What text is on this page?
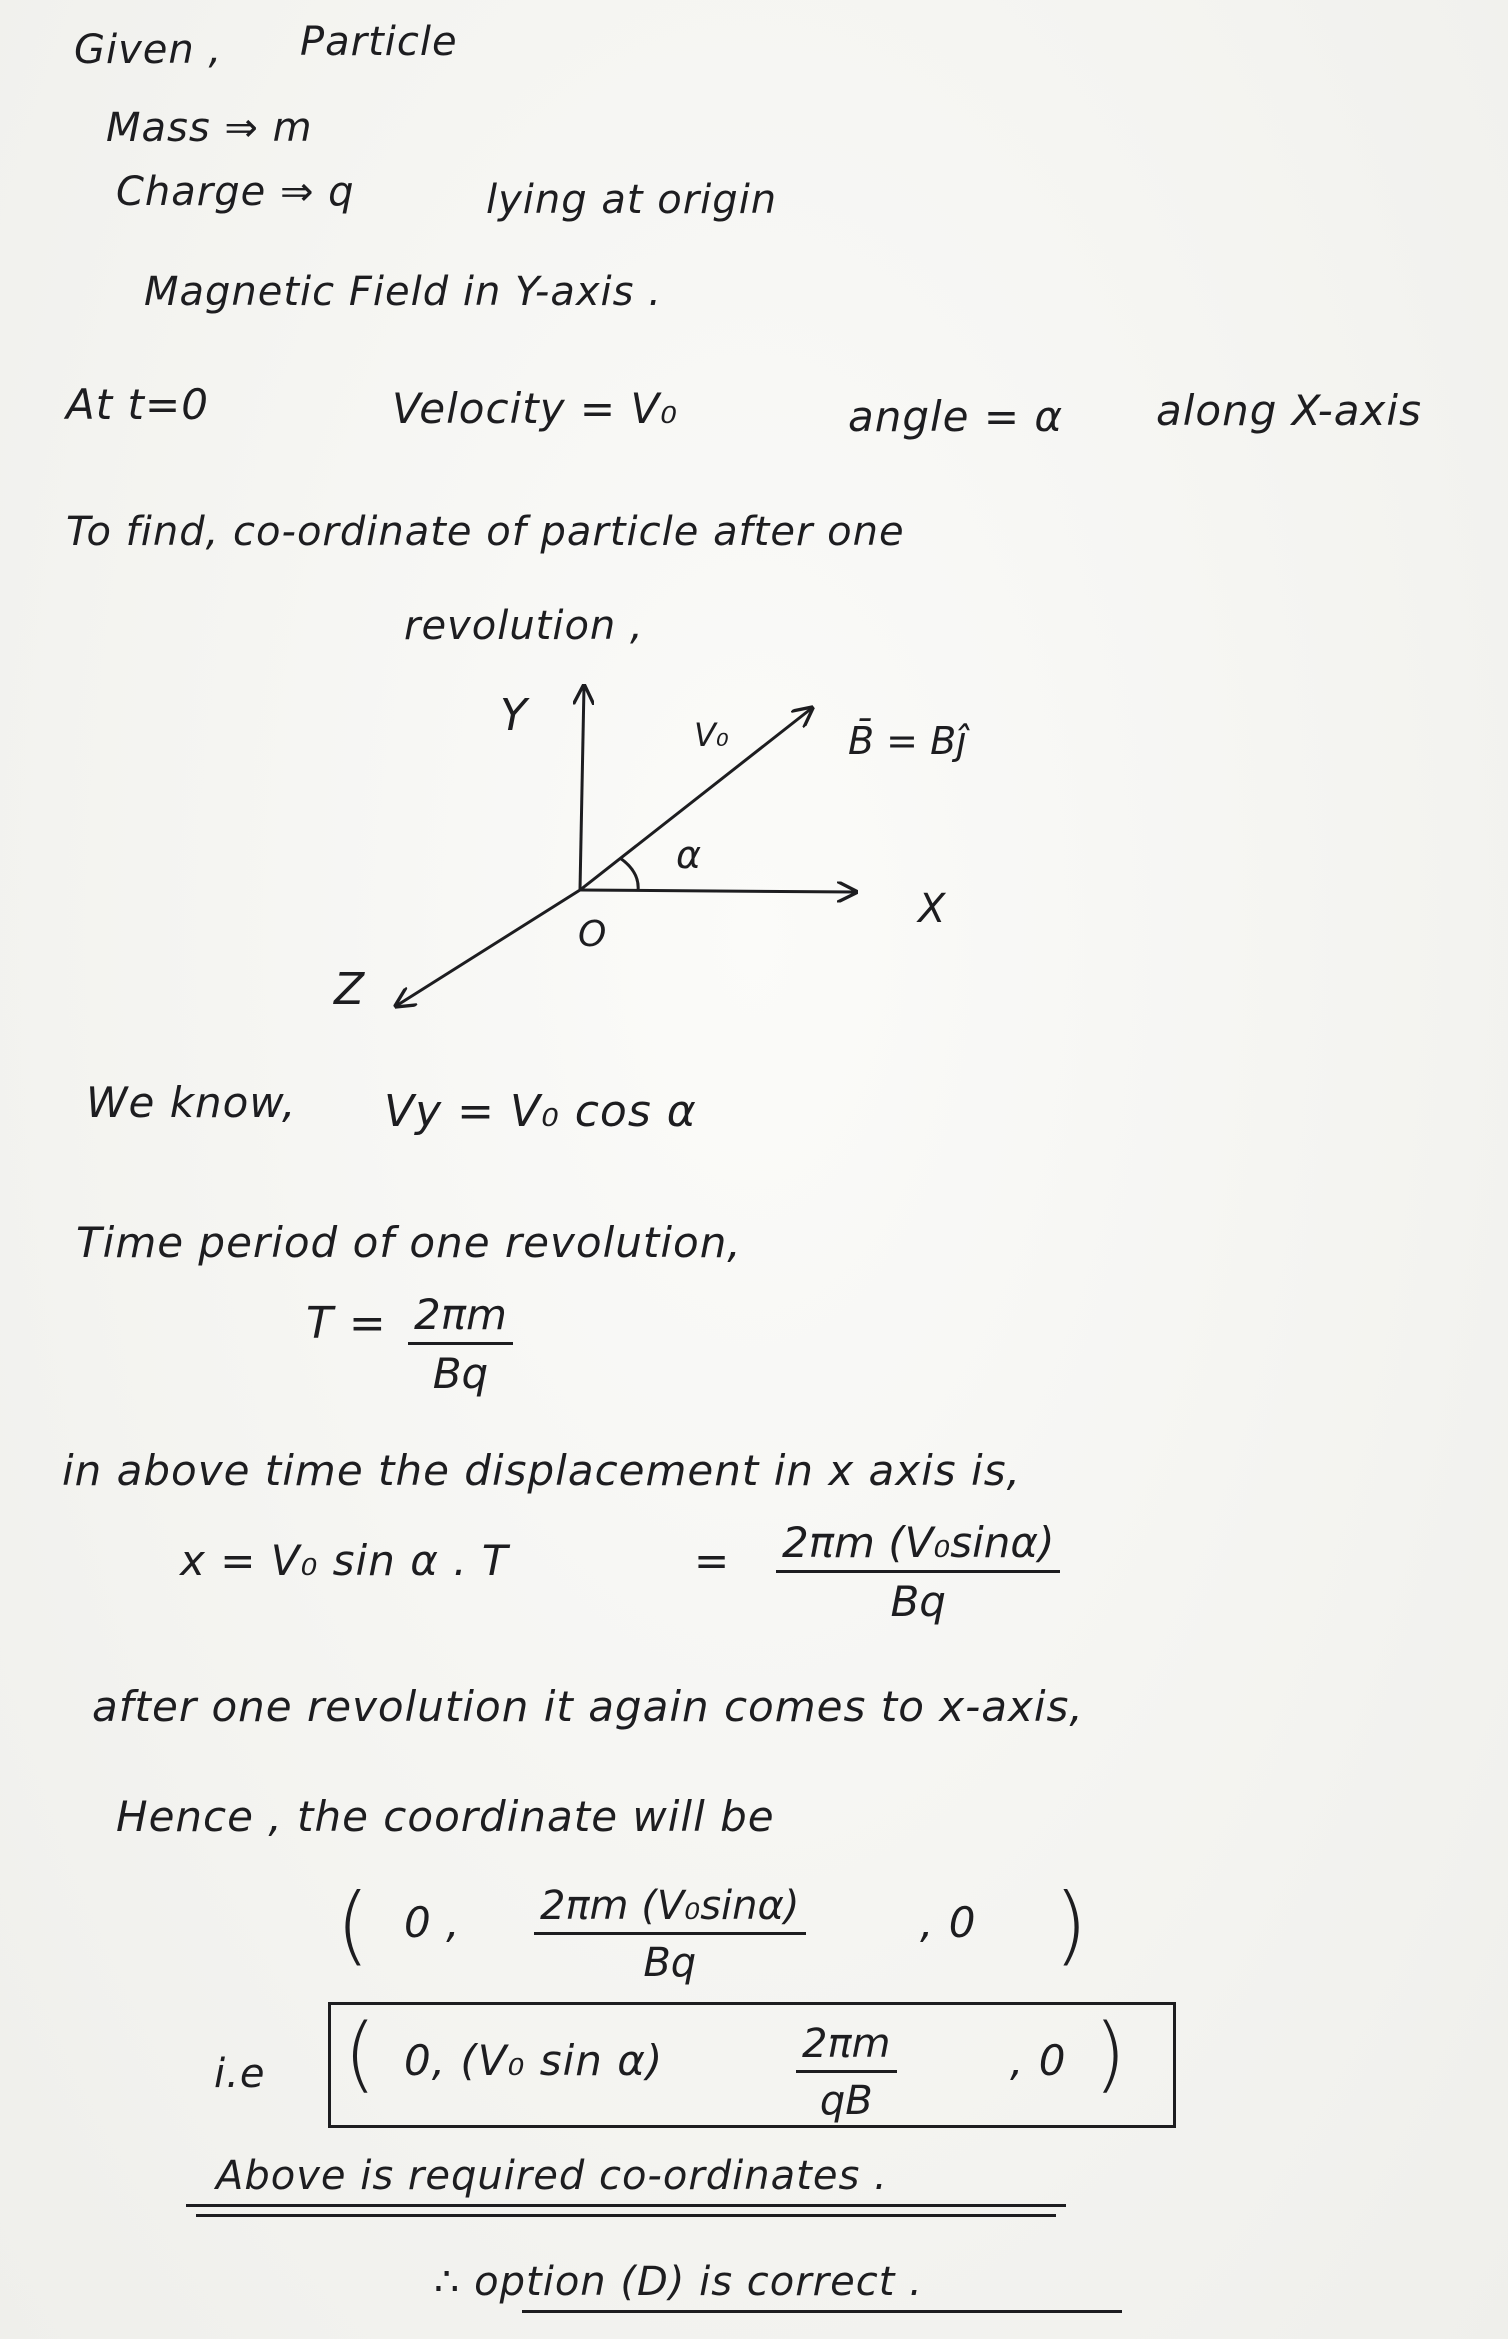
Given , Particle
Mass ⇒ m
Charge ⇒ q	lying at origin
Magnetic Field in Y-axis .
At t=0	Velocity = V₀	angle = α along X-axis
To find, co-ordinate of particle after one
revolution ,
Y
X
Z
O
V₀
α
B̄ = Bĵ
We know, Vy = V₀ cos α
Time period of one revolution,
$T = \frac{2\pi m}{Bq}$
in above time the displacement in x axis is,
x = V₀ sin α . T	= $\frac{\text{2πm (V₀sinα)}}{Bq}$
after one revolution it again comes to x-axis,
Hence , the coordinate will be
( 0 , $\frac{\text{2πm (V₀sinα)}}{Bq}$	, 0 )
i.e ( 0, (V₀ sin α)	$\frac{2\pi m}{qB}$	, 0 )
Above is required co-ordinates .
∴ option (D) is correct .
